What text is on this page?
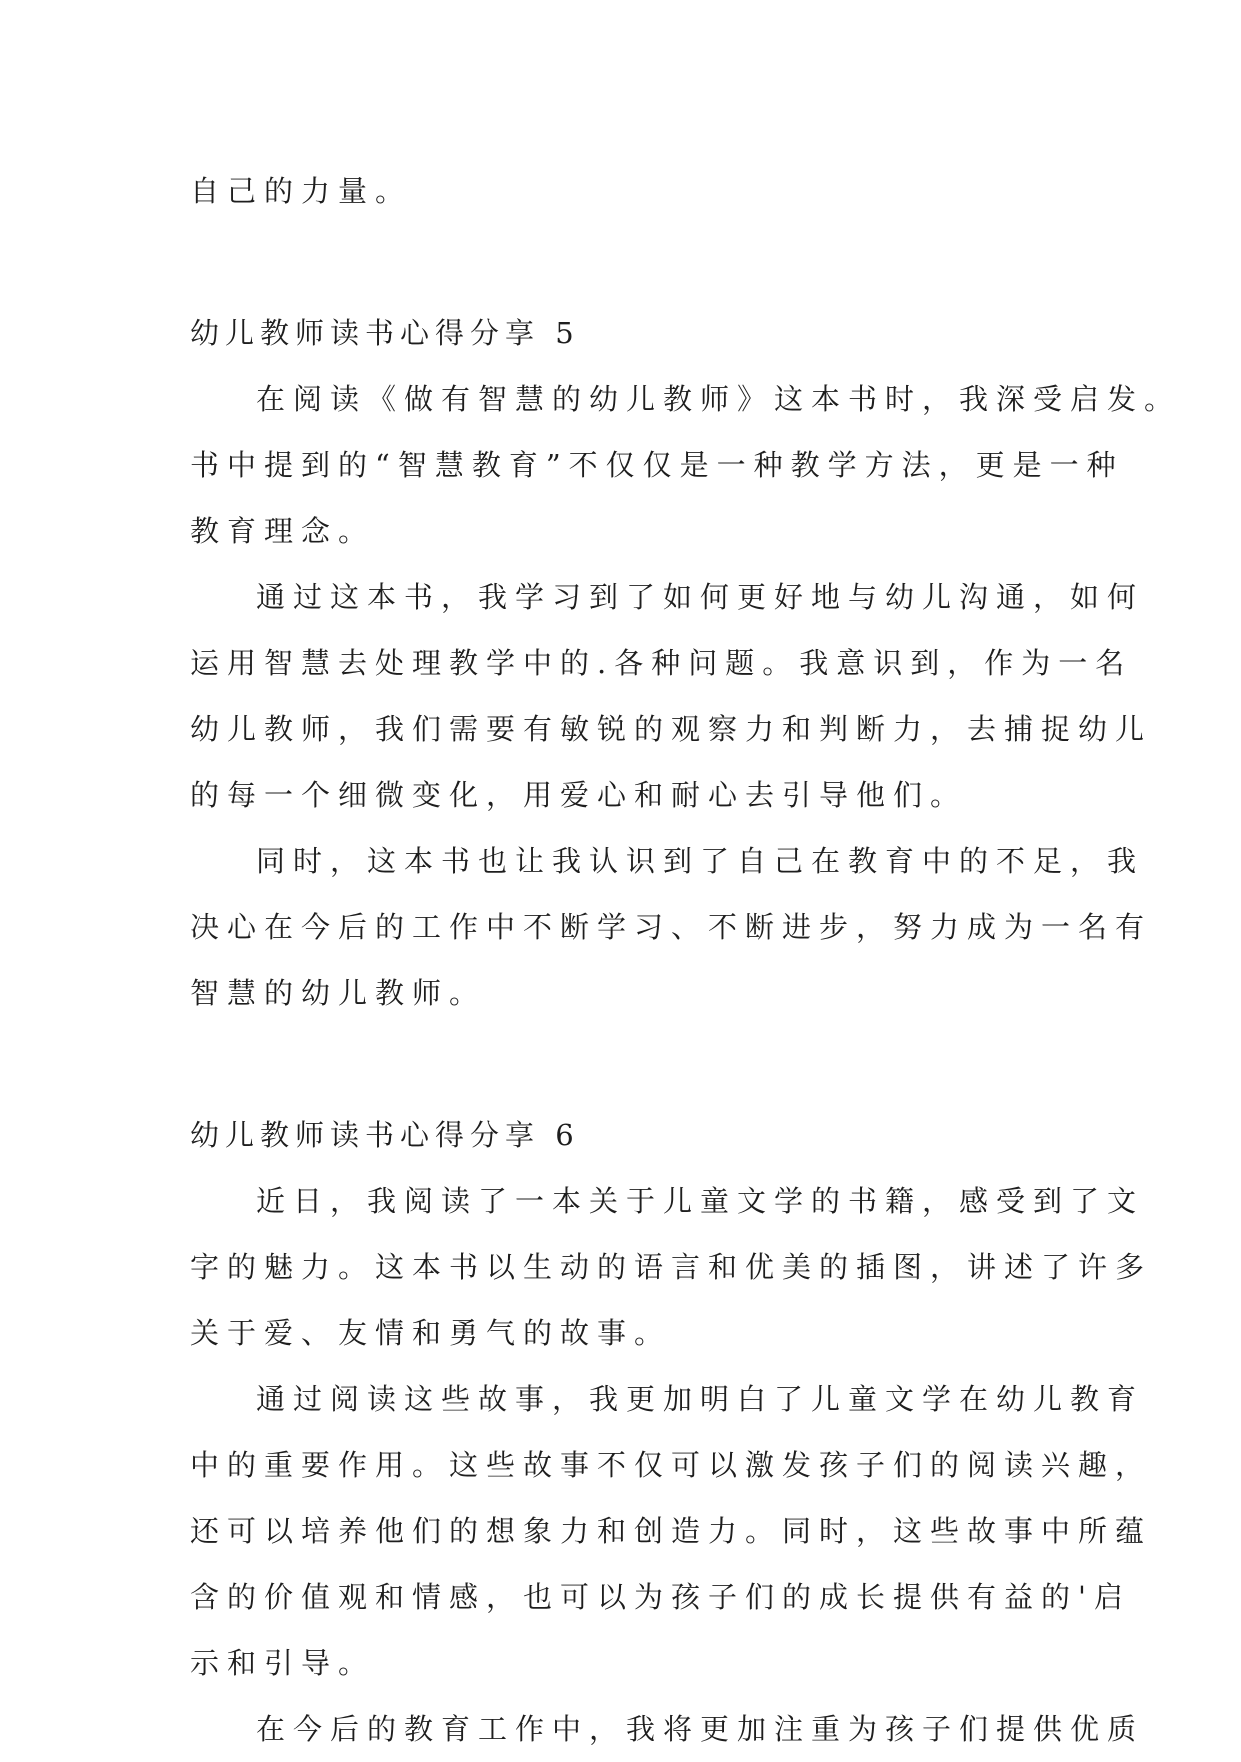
自己的力量。

幼儿教师读书心得分享 5

在阅读《做有智慧的幼儿教师》这本书时，我深受启发。

书中提到的“智慧教育”不仅仅是一种教学方法，更是一种

教育理念。

通过这本书，我学习到了如何更好地与幼儿沟通，如何

运用智慧去处理教学中的.各种问题。我意识到，作为一名

幼儿教师，我们需要有敏锐的观察力和判断力，去捕捉幼儿

的每一个细微变化，用爱心和耐心去引导他们。

同时，这本书也让我认识到了自己在教育中的不足，我

决心在今后的工作中不断学习、不断进步，努力成为一名有

智慧的幼儿教师。

幼儿教师读书心得分享 6

近日，我阅读了一本关于儿童文学的书籍，感受到了文

字的魅力。这本书以生动的语言和优美的插图，讲述了许多

关于爱、友情和勇气的故事。

通过阅读这些故事，我更加明白了儿童文学在幼儿教育

中的重要作用。这些故事不仅可以激发孩子们的阅读兴趣，

还可以培养他们的想象力和创造力。同时，这些故事中所蕴

含的价值观和情感，也可以为孩子们的成长提供有益的'启

示和引导。

在今后的教育工作中，我将更加注重为孩子们提供优质
